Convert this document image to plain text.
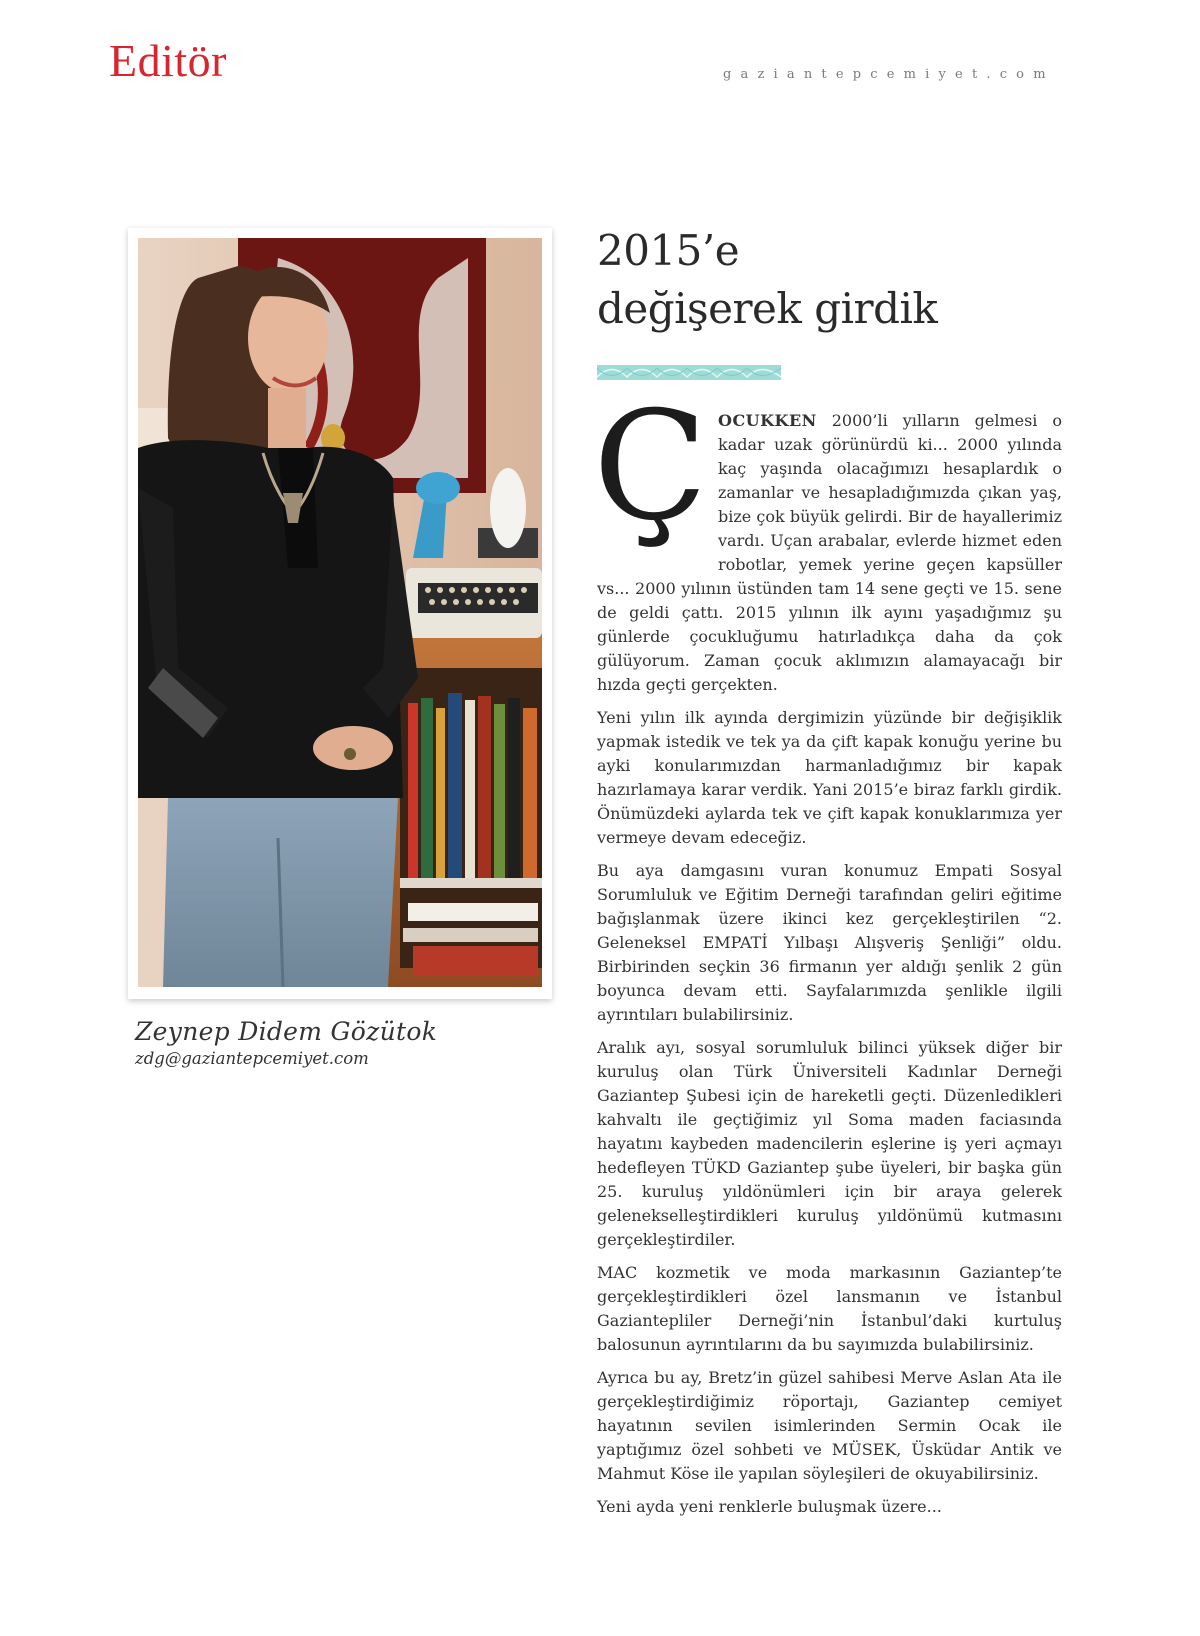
Editör	gaziantepcemiyet.com
Zeynep Didem Gözütok
zdg@gaziantepcemiyet.com
2015’e
değişerek girdik

ÇOCUKKEN 2000’li yılların gelmesi o kadar uzak görünürdü ki... 2000 yılında kaç yaşında olacağımızı hesaplardık o zamanlar ve hesapladığımızda çıkan yaş, bize çok büyük gelirdi. Bir de hayallerimiz vardı. Uçan arabalar, evlerde hizmet eden robotlar, yemek yerine geçen kapsüller vs... 2000 yılının üstünden tam 14 sene geçti ve 15. sene de geldi çattı. 2015 yılının ilk ayını yaşadığımız şu günlerde çocukluğumu hatırladıkça daha da çok gülüyorum. Zaman çocuk aklımızın alamayacağı bir hızda geçti gerçekten.

Yeni yılın ilk ayında dergimizin yüzünde bir değişiklik yapmak istedik ve tek ya da çift kapak konuğu yerine bu ayki konularımızdan harmanladığımız bir kapak hazırlamaya karar verdik. Yani 2015’e biraz farklı girdik. Önümüzdeki aylarda tek ve çift kapak konuklarımıza yer vermeye devam edeceğiz.

Bu aya damgasını vuran konumuz Empati Sosyal Sorumluluk ve Eğitim Derneği tarafından geliri eğitime bağışlanmak üzere ikinci kez gerçekleştirilen “2. Geleneksel EMPATİ Yılbaşı Alışveriş Şenliği” oldu. Birbirinden seçkin 36 firmanın yer aldığı şenlik 2 gün boyunca devam etti. Sayfalarımızda şenlikle ilgili ayrıntıları bulabilirsiniz.

Aralık ayı, sosyal sorumluluk bilinci yüksek diğer bir kuruluş olan Türk Üniversiteli Kadınlar Derneği Gaziantep Şubesi için de hareketli geçti. Düzenledikleri kahvaltı ile geçtiğimiz yıl Soma maden faciasında hayatını kaybeden madencilerin eşlerine iş yeri açmayı hedefleyen TÜKD Gaziantep şube üyeleri, bir başka gün 25. kuruluş yıldönümleri için bir araya gelerek gelenekselleştirdikleri kuruluş yıldönümü kutmasını gerçekleştirdiler.

MAC kozmetik ve moda markasının Gaziantep’te gerçekleştirdikleri özel lansmanın ve İstanbul Gaziantepliler Derneği’nin İstanbul’daki kurtuluş balosunun ayrıntılarını da bu sayımızda bulabilirsiniz.

Ayrıca bu ay, Bretz’in güzel sahibesi Merve Aslan Ata ile gerçekleştirdiğimiz röportajı, Gaziantep cemiyet hayatının sevilen isimlerinden Sermin Ocak ile yaptığımız özel sohbeti ve MÜSEK, Üsküdar Antik ve Mahmut Köse ile yapılan söyleşileri de okuyabilirsiniz.

Yeni ayda yeni renklerle buluşmak üzere...
